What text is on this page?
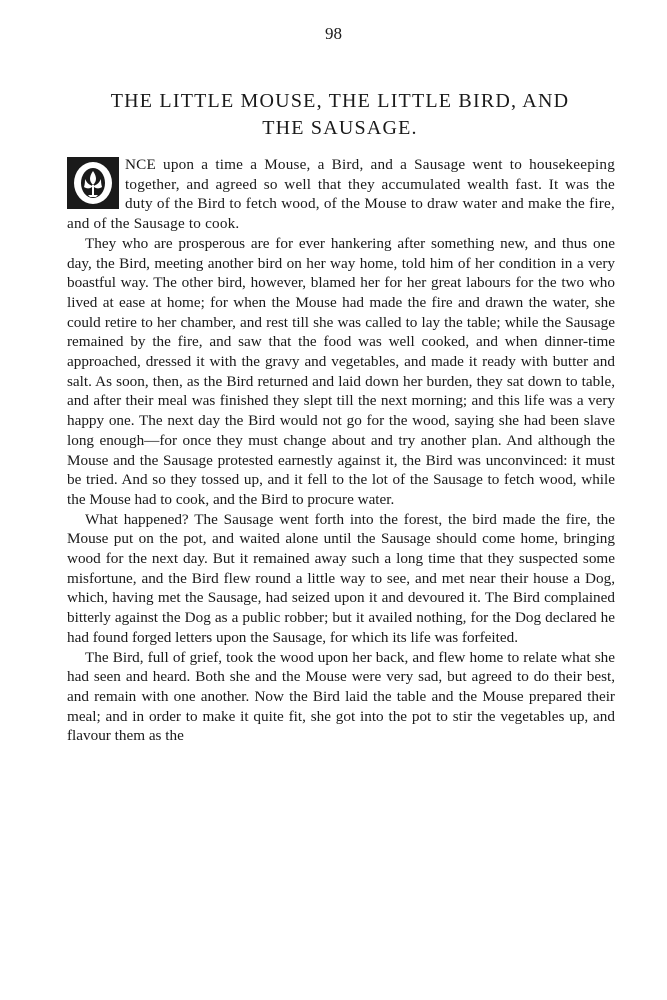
98
THE LITTLE MOUSE, THE LITTLE BIRD, AND
THE SAUSAGE.

NCE upon a time a Mouse, a Bird, and a Sausage went to housekeeping together, and agreed so well that they accumulated wealth fast. It was the duty of the Bird to fetch wood, of the Mouse to draw water and make the fire, and of the Sausage to cook.

They who are prosperous are for ever hankering after something new, and thus one day, the Bird, meeting another bird on her way home, told him of her condition in a very boastful way. The other bird, however, blamed her for her great labours for the two who lived at ease at home; for when the Mouse had made the fire and drawn the water, she could retire to her chamber, and rest till she was called to lay the table; while the Sausage remained by the fire, and saw that the food was well cooked, and when dinner-time approached, dressed it with the gravy and vegetables, and made it ready with butter and salt. As soon, then, as the Bird returned and laid down her burden, they sat down to table, and after their meal was finished they slept till the next morning; and this life was a very happy one. The next day the Bird would not go for the wood, saying she had been slave long enough—for once they must change about and try another plan. And although the Mouse and the Sausage protested earnestly against it, the Bird was unconvinced: it must be tried. And so they tossed up, and it fell to the lot of the Sausage to fetch wood, while the Mouse had to cook, and the Bird to procure water.

What happened? The Sausage went forth into the forest, the bird made the fire, the Mouse put on the pot, and waited alone until the Sausage should come home, bringing wood for the next day. But it remained away such a long time that they suspected some misfortune, and the Bird flew round a little way to see, and met near their house a Dog, which, having met the Sausage, had seized upon it and devoured it. The Bird complained bitterly against the Dog as a public robber; but it availed nothing, for the Dog declared he had found forged letters upon the Sausage, for which its life was forfeited.

The Bird, full of grief, took the wood upon her back, and flew home to relate what she had seen and heard. Both she and the Mouse were very sad, but agreed to do their best, and remain with one another. Now the Bird laid the table and the Mouse prepared their meal; and in order to make it quite fit, she got into the pot to stir the vegetables up, and flavour them as the
